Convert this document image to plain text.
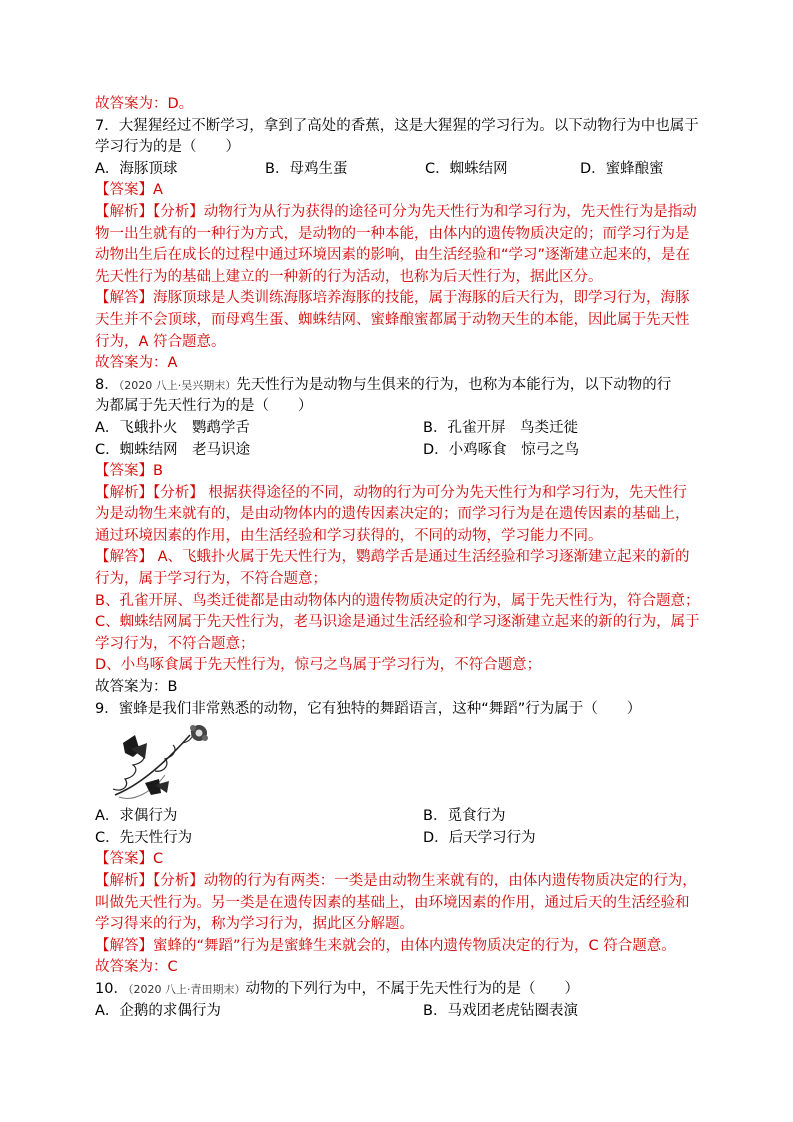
故答案为：D。
7．大猩猩经过不断学习，拿到了高处的香蕉，这是大猩猩的学习行为。以下动物行为中也属于
学习行为的是（　　）
A．海豚顶球	B．母鸡生蛋	C．蜘蛛结网	D．蜜蜂酿蜜
【答案】A
【解析】【分析】动物行为从行为获得的途径可分为先天性行为和学习行为，先天性行为是指动
物一出生就有的一种行为方式，是动物的一种本能，由体内的遗传物质决定的；而学习行为是
动物出生后在成长的过程中通过环境因素的影响，由生活经验和“学习”逐渐建立起来的，是在
先天性行为的基础上建立的一种新的行为活动，也称为后天性行为，据此区分。
【解答】海豚顶球是人类训练海豚培养海豚的技能，属于海豚的后天行为，即学习行为，海豚
天生并不会顶球，而母鸡生蛋、蜘蛛结网、蜜蜂酿蜜都属于动物天生的本能，因此属于先天性
行为，A 符合题意。
故答案为：A
8．（2020 八上·吴兴期末）先天性行为是动物与生俱来的行为，也称为本能行为，以下动物的行
为都属于先天性行为的是（　　）
A．飞蛾扑火　鹦鹉学舌	B．孔雀开屏　鸟类迁徙
C．蜘蛛结网　老马识途	D．小鸡啄食　惊弓之鸟
【答案】B
【解析】【分析】 根据获得途径的不同，动物的行为可分为先天性行为和学习行为，先天性行
为是动物生来就有的，是由动物体内的遗传因素决定的；而学习行为是在遗传因素的基础上，
通过环境因素的作用，由生活经验和学习获得的，不同的动物，学习能力不同。
【解答】 A、飞蛾扑火属于先天性行为，鹦鹉学舌是通过生活经验和学习逐渐建立起来的新的
行为，属于学习行为，不符合题意；
B、孔雀开屏、鸟类迁徙都是由动物体内的遗传物质决定的行为，属于先天性行为，符合题意；
C、蜘蛛结网属于先天性行为，老马识途是通过生活经验和学习逐渐建立起来的新的行为，属于
学习行为，不符合题意；
D、小鸟啄食属于先天性行为，惊弓之鸟属于学习行为，不符合题意；
故答案为：B
9．蜜蜂是我们非常熟悉的动物，它有独特的舞蹈语言，这种“舞蹈”行为属于（　　）
A．求偶行为	B．觅食行为
C．先天性行为	D．后天学习行为
【答案】C
【解析】【分析】动物的行为有两类：一类是由动物生来就有的，由体内遗传物质决定的行为，
叫做先天性行为。另一类是在遗传因素的基础上，由环境因素的作用，通过后天的生活经验和
学习得来的行为，称为学习行为，据此区分解题。
【解答】蜜蜂的“舞蹈”行为是蜜蜂生来就会的，由体内遗传物质决定的行为，C 符合题意。
故答案为：C
10．（2020 八上·青田期末）动物的下列行为中，不属于先天性行为的是（　　）
A．企鹅的求偶行为	B．马戏团老虎钻圈表演
